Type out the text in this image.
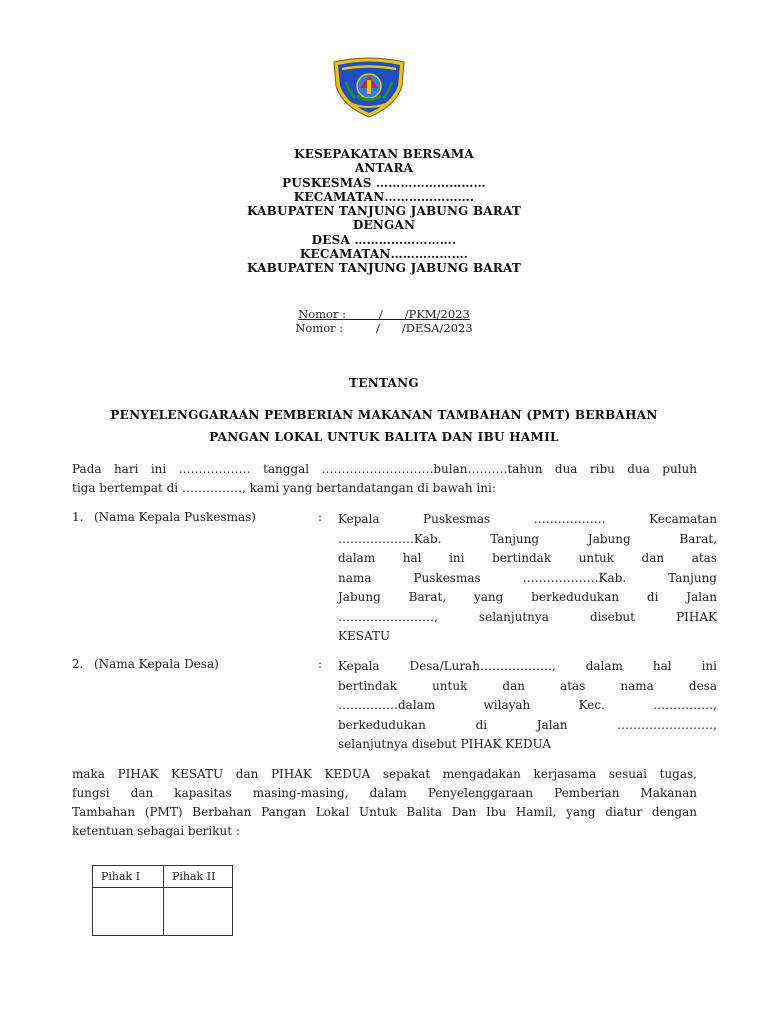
KESEPAKATAN BERSAMA
ANTARA
PUSKESMAS ………………………
KECAMATAN………………….
KABUPATEN TANJUNG JABUNG BARAT
DENGAN
DESA …………………….
KECAMATAN……………….
KABUPATEN TANJUNG JABUNG BARAT
Nomor :         /      /PKM/2023
Nomor :         /      /DESA/2023
TENTANG
PENYELENGGARAAN PEMBERIAN MAKANAN TAMBAHAN (PMT) BERBAHAN
PANGAN LOKAL UNTUK BALITA DAN IBU HAMIL
Pada hari ini ……………… tanggal ……………………….bulan……….tahun dua ribu dua puluh
tiga bertempat di ……………, kami yang bertandatangan di bawah ini:
1. (Nama Kepala Puskesmas)	: Kepala Puskesmas ……………… Kecamatan
……………….Kab. Tanjung Jabung Barat,
dalam hal ini bertindak untuk dan atas
nama Puskesmas ……………….Kab. Tanjung
Jabung Barat, yang berkedudukan di Jalan
……………………, selanjutnya disebut PIHAK
KESATU
2. (Nama Kepala Desa)	: Kepala Desa/Lurah………………, dalam hal ini
bertindak untuk dan atas nama desa
……………dalam wilayah Kec. ……………,
berkedudukan di Jalan ……………………,
selanjutnya disebut PIHAK KEDUA
maka PIHAK KESATU dan PIHAK KEDUA sepakat mengadakan kerjasama sesuai tugas,
fungsi dan kapasitas masing-masing, dalam Penyelenggaraan Pemberian Makanan
Tambahan (PMT) Berbahan Pangan Lokal Untuk Balita Dan Ibu Hamil, yang diatur dengan
ketentuan sebagai berikut :
Pihak I	Pihak II
